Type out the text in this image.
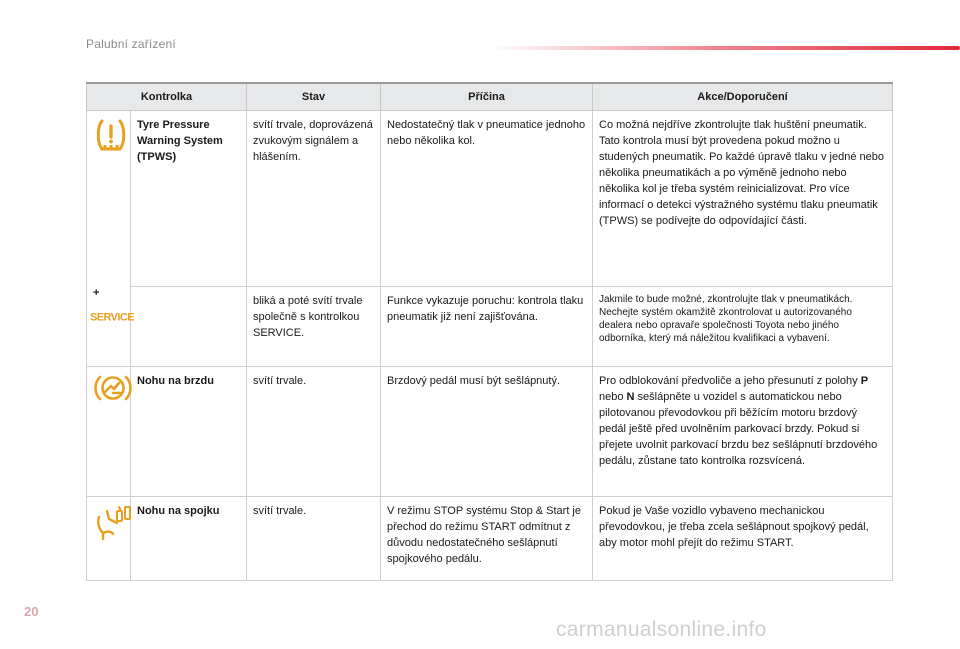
Palubní zařízení
Kontrolka		Stav	Příčina	Akce/Doporučení

+
SERVICE	Tyre Pressure Warning System (TPWS)	svítí trvale, doprovázená zvukovým signálem a hlášením.	Nedostatečný tlak v pneumatice jednoho nebo několika kol.	Co možná nejdříve zkontrolujte tlak huštění pneumatik. Tato kontrola musí být provedena pokud možno u studených pneumatik. Po každé úpravě tlaku v jedné nebo několika pneumatikách a po výměně jednoho nebo několika kol je třeba systém reinicializovat. Pro více informací o detekci výstražného systému tlaku pneumatik (TPWS) se podívejte do odpovídající části.
		bliká a poté svítí trvale společně s kontrolkou SERVICE.	Funkce vykazuje poruchu: kontrola tlaku pneumatik již není zajišťována.	Jakmile to bude možné, zkontrolujte tlak v pneumatikách. Nechejte systém okamžitě zkontrolovat u autorizovaného dealera nebo opravaře společnosti Toyota nebo jiného odborníka, který má náležitou kvalifikaci a vybavení.

	Nohu na brzdu	svítí trvale.	Brzdový pedál musí být sešlápnutý.	Pro odblokování předvoliče a jeho přesunutí z polohy P nebo N sešlápněte u vozidel s automatickou nebo pilotovanou převodovkou při běžícím motoru brzdový pedál ještě před uvolněním parkovací brzdy. Pokud si přejete uvolnit parkovací brzdu bez sešlápnutí brzdového pedálu, zůstane tato kontrolka rozsvícená.

	Nohu na spojku	svítí trvale.	V režimu STOP systému Stop & Start je přechod do režimu START odmítnut z důvodu nedostatečného sešlápnutí spojkového pedálu.	Pokud je Vaše vozidlo vybaveno mechanickou převodovkou, je třeba zcela sešlápnout spojkový pedál, aby motor mohl přejít do režimu START.
20
carmanualsonline.info
